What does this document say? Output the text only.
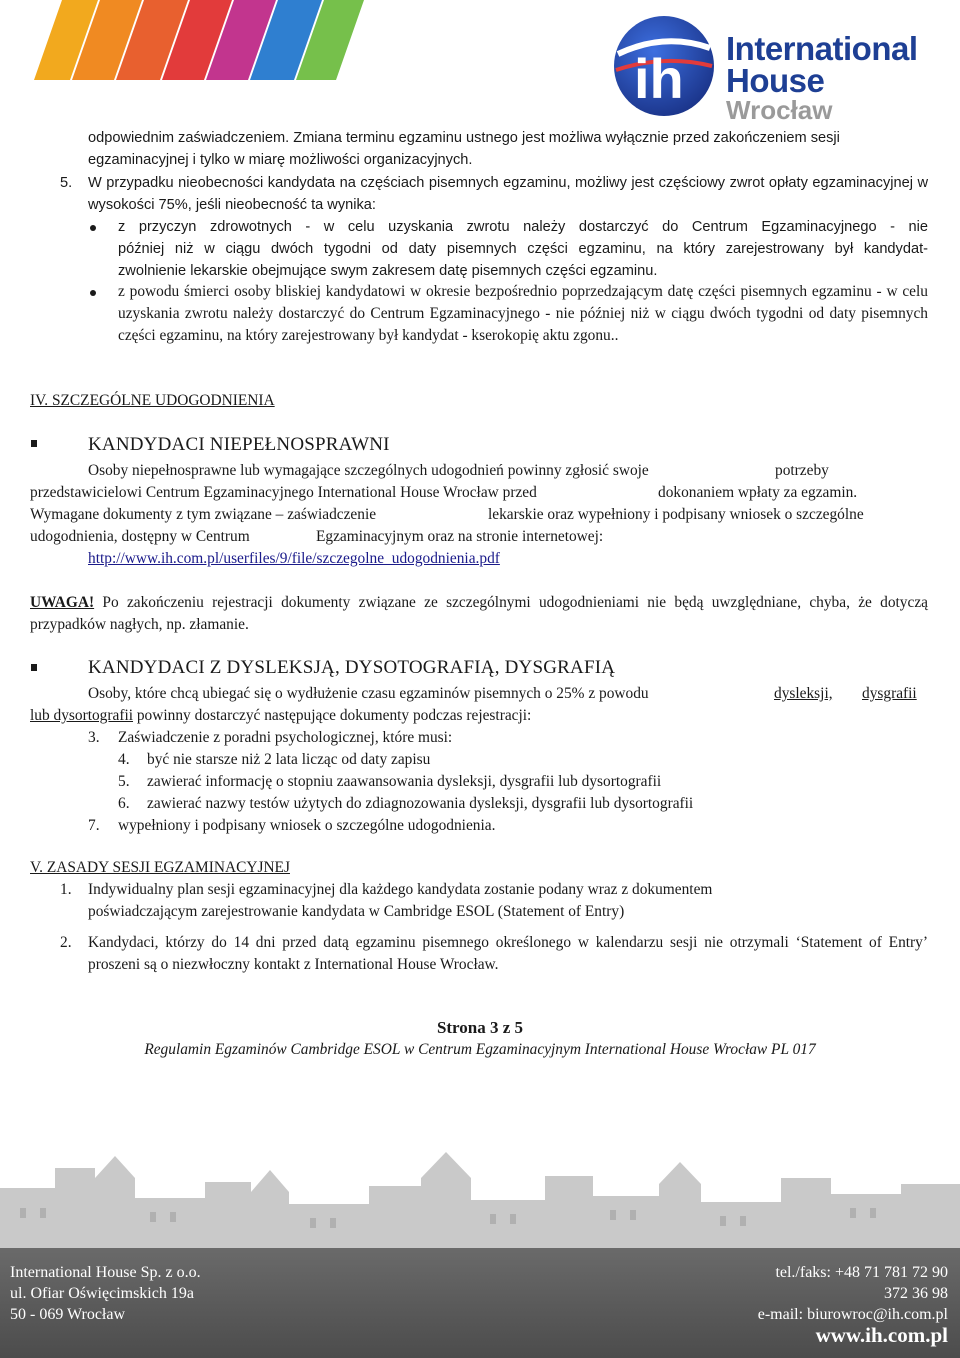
ih International
House
Wrocław
odpowiednim zaświadczeniem. Zmiana terminu egzaminu ustnego jest możliwa wyłącznie przed zakończeniem sesji
egzaminacyjnej i tylko w miarę możliwości organizacyjnych.
5. W przypadku nieobecności kandydata na częściach pisemnych egzaminu, możliwy jest częściowy zwrot opłaty egzaminacyjnej w wysokości 75%, jeśli nieobecność ta wynika:
z przyczyn zdrowotnych - w celu uzyskania zwrotu należy dostarczyć do Centrum Egzaminacyjnego - nie
później niż w ciągu dwóch tygodni od daty pisemnych części egzaminu, na który zarejestrowany był kandydat-
zwolnienie lekarskie obejmujące swym zakresem datę pisemnych części egzaminu.
z powodu śmierci osoby bliskiej kandydatowi w okresie bezpośrednio poprzedzającym datę części pisemnych egzaminu - w celu uzyskania zwrotu należy dostarczyć do Centrum Egzaminacyjnego - nie później niż w ciągu dwóch tygodni od daty pisemnych części egzaminu, na który zarejestrowany był kandydat - kserokopię aktu zgonu..
IV. SZCZEGÓLNE UDOGODNIENIA
KANDYDACI NIEPEŁNOSPRAWNI
Osoby niepełnosprawne lub wymagające szczególnych udogodnień powinny zgłosić swoje	potrzeby
przedstawicielowi Centrum Egzaminacyjnego International House Wrocław przed	dokonaniem wpłaty za egzamin.
Wymagane dokumenty z tym związane – zaświadczenie	lekarskie oraz wypełniony i podpisany wniosek o szczególne
udogodnienia, dostępny w Centrum	Egzaminacyjnym oraz na stronie internetowej:
http://www.ih.com.pl/userfiles/9/file/szczegolne_udogodnienia.pdf
UWAGA! Po zakończeniu rejestracji dokumenty związane ze szczególnymi udogodnieniami nie będą uwzględniane, chyba, że dotyczą przypadków nagłych, np. złamanie.
KANDYDACI Z DYSLEKSJĄ, DYSOTOGRAFIĄ, DYSGRAFIĄ
Osoby, które chcą ubiegać się o wydłużenie czasu egzaminów pisemnych o 25% z powodu	dysleksji, dysgrafii
lub dysortografii powinny dostarczyć następujące dokumenty podczas rejestracji:
3. Zaświadczenie z poradni psychologicznej, które musi:
4. być nie starsze niż 2 lata licząc od daty zapisu
5. zawierać informację o stopniu zaawansowania dysleksji, dysgrafii lub dysortografii
6. zawierać nazwy testów użytych do zdiagnozowania dysleksji, dysgrafii lub dysortografii
7. wypełniony i podpisany wniosek o szczególne udogodnienia.
V. ZASADY SESJI EGZAMINACYJNEJ
1. Indywidualny plan sesji egzaminacyjnej dla każdego kandydata zostanie podany wraz z dokumentem
poświadczającym zarejestrowanie kandydata w Cambridge ESOL (Statement of Entry)
2. Kandydaci, którzy do 14 dni przed datą egzaminu pisemnego określonego w kalendarzu sesji nie otrzymali ‘Statement of Entry’ proszeni są o niezwłoczny kontakt z International House Wrocław.
Strona 3 z 5
Regulamin Egzaminów Cambridge ESOL w Centrum Egzaminacyjnym International House Wrocław PL 017
International House Sp. z o.o.
ul. Ofiar Oświęcimskich 19a
50 - 069 Wrocław
tel./faks: +48 71 781 72 90
372 36 98
e-mail: biurowroc@ih.com.pl
www.ih.com.pl
